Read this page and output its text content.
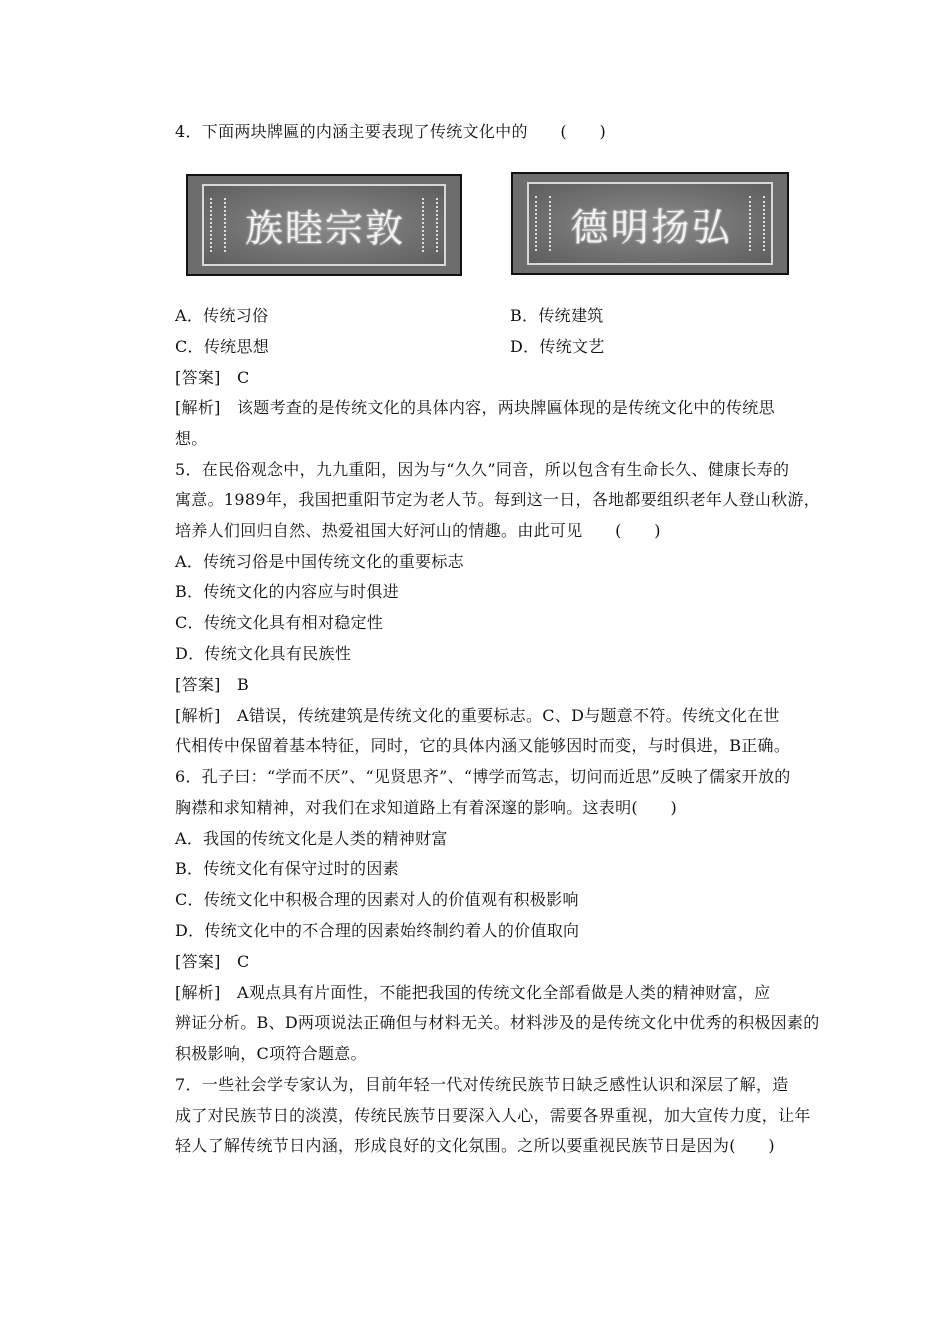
4．下面两块牌匾的内涵主要表现了传统文化中的　　(　　)
族 睦 宗 敦	德 明 扬 弘
A．传统习俗	B．传统建筑
C．传统思想	D．传统文艺
[答案]　C
[解析]　该题考查的是传统文化的具体内容，两块牌匾体现的是传统文化中的传统思
想。
5．在民俗观念中，九九重阳，因为与“久久”同音，所以包含有生命长久、健康长寿的
寓意。1989年，我国把重阳节定为老人节。每到这一日，各地都要组织老年人登山秋游，
培养人们回归自然、热爱祖国大好河山的情趣。由此可见　　(　　)
A．传统习俗是中国传统文化的重要标志
B．传统文化的内容应与时俱进
C．传统文化具有相对稳定性
D．传统文化具有民族性
[答案]　B
[解析]　A错误，传统建筑是传统文化的重要标志。C、D与题意不符。传统文化在世
代相传中保留着基本特征，同时，它的具体内涵又能够因时而变，与时俱进，B正确。
6．孔子曰：“学而不厌”、“见贤思齐”、“博学而笃志，切问而近思”反映了儒家开放的
胸襟和求知精神，对我们在求知道路上有着深邃的影响。这表明(　　)
A．我国的传统文化是人类的精神财富
B．传统文化有保守过时的因素
C．传统文化中积极合理的因素对人的价值观有积极影响
D．传统文化中的不合理的因素始终制约着人的价值取向
[答案]　C
[解析]　A观点具有片面性，不能把我国的传统文化全部看做是人类的精神财富，应
辨证分析。B、D两项说法正确但与材料无关。材料涉及的是传统文化中优秀的积极因素的
积极影响，C项符合题意。
7．一些社会学专家认为，目前年轻一代对传统民族节日缺乏感性认识和深层了解，造
成了对民族节日的淡漠，传统民族节日要深入人心，需要各界重视，加大宣传力度，让年
轻人了解传统节日内涵，形成良好的文化氛围。之所以要重视民族节日是因为(　　)
